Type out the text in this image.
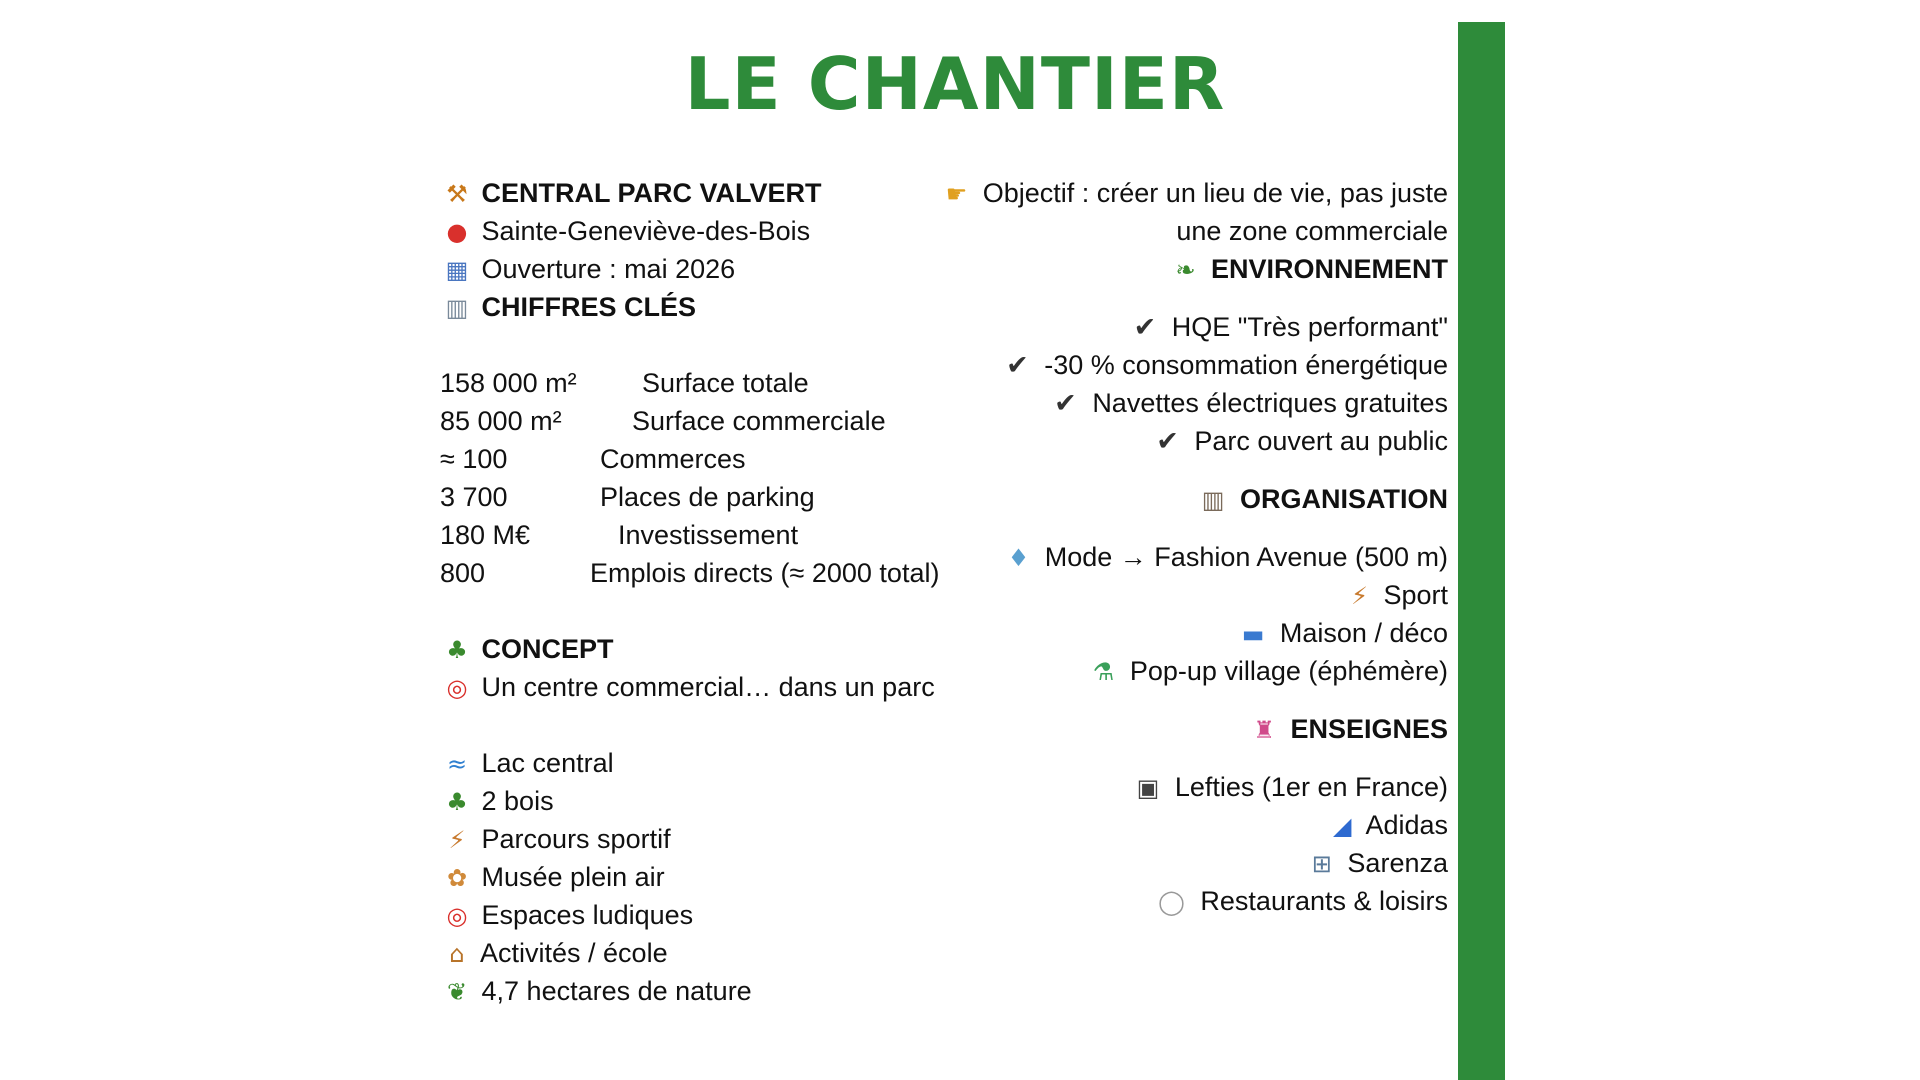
LE CHANTIER
⚒ CENTRAL PARC VALVERT
● Sainte-Geneviève-des-Bois
▦ Ouverture : mai 2026
▥ CHIFFRES CLÉS
158 000 m² Surface totale
85 000 m²	Surface commerciale
≈ 100	Commerces
3 700	Places de parking
180 M€	Investissement
800	Emplois directs (≈ 2000 total)
♣ CONCEPT
◎ Un centre commercial… dans un parc
≈ Lac central
♣ 2 bois
⚡ Parcours sportif
✿ Musée plein air
◎ Espaces ludiques
⌂ Activités / école
❦ 4,7 hectares de nature
☛ Objectif : créer un lieu de vie, pas juste
une zone commerciale
❧ ENVIRONNEMENT
✔ HQE "Très performant"
✔ -30 % consommation énergétique
✔ Navettes électriques gratuites
✔ Parc ouvert au public
▥ ORGANISATION
♦ Mode → Fashion Avenue (500 m)
⚡ Sport
▬ Maison / déco
⚗ Pop-up village (éphémère)
♜ ENSEIGNES
▣ Lefties (1er en France)
◢ Adidas
⊞ Sarenza
◯ Restaurants & loisirs
